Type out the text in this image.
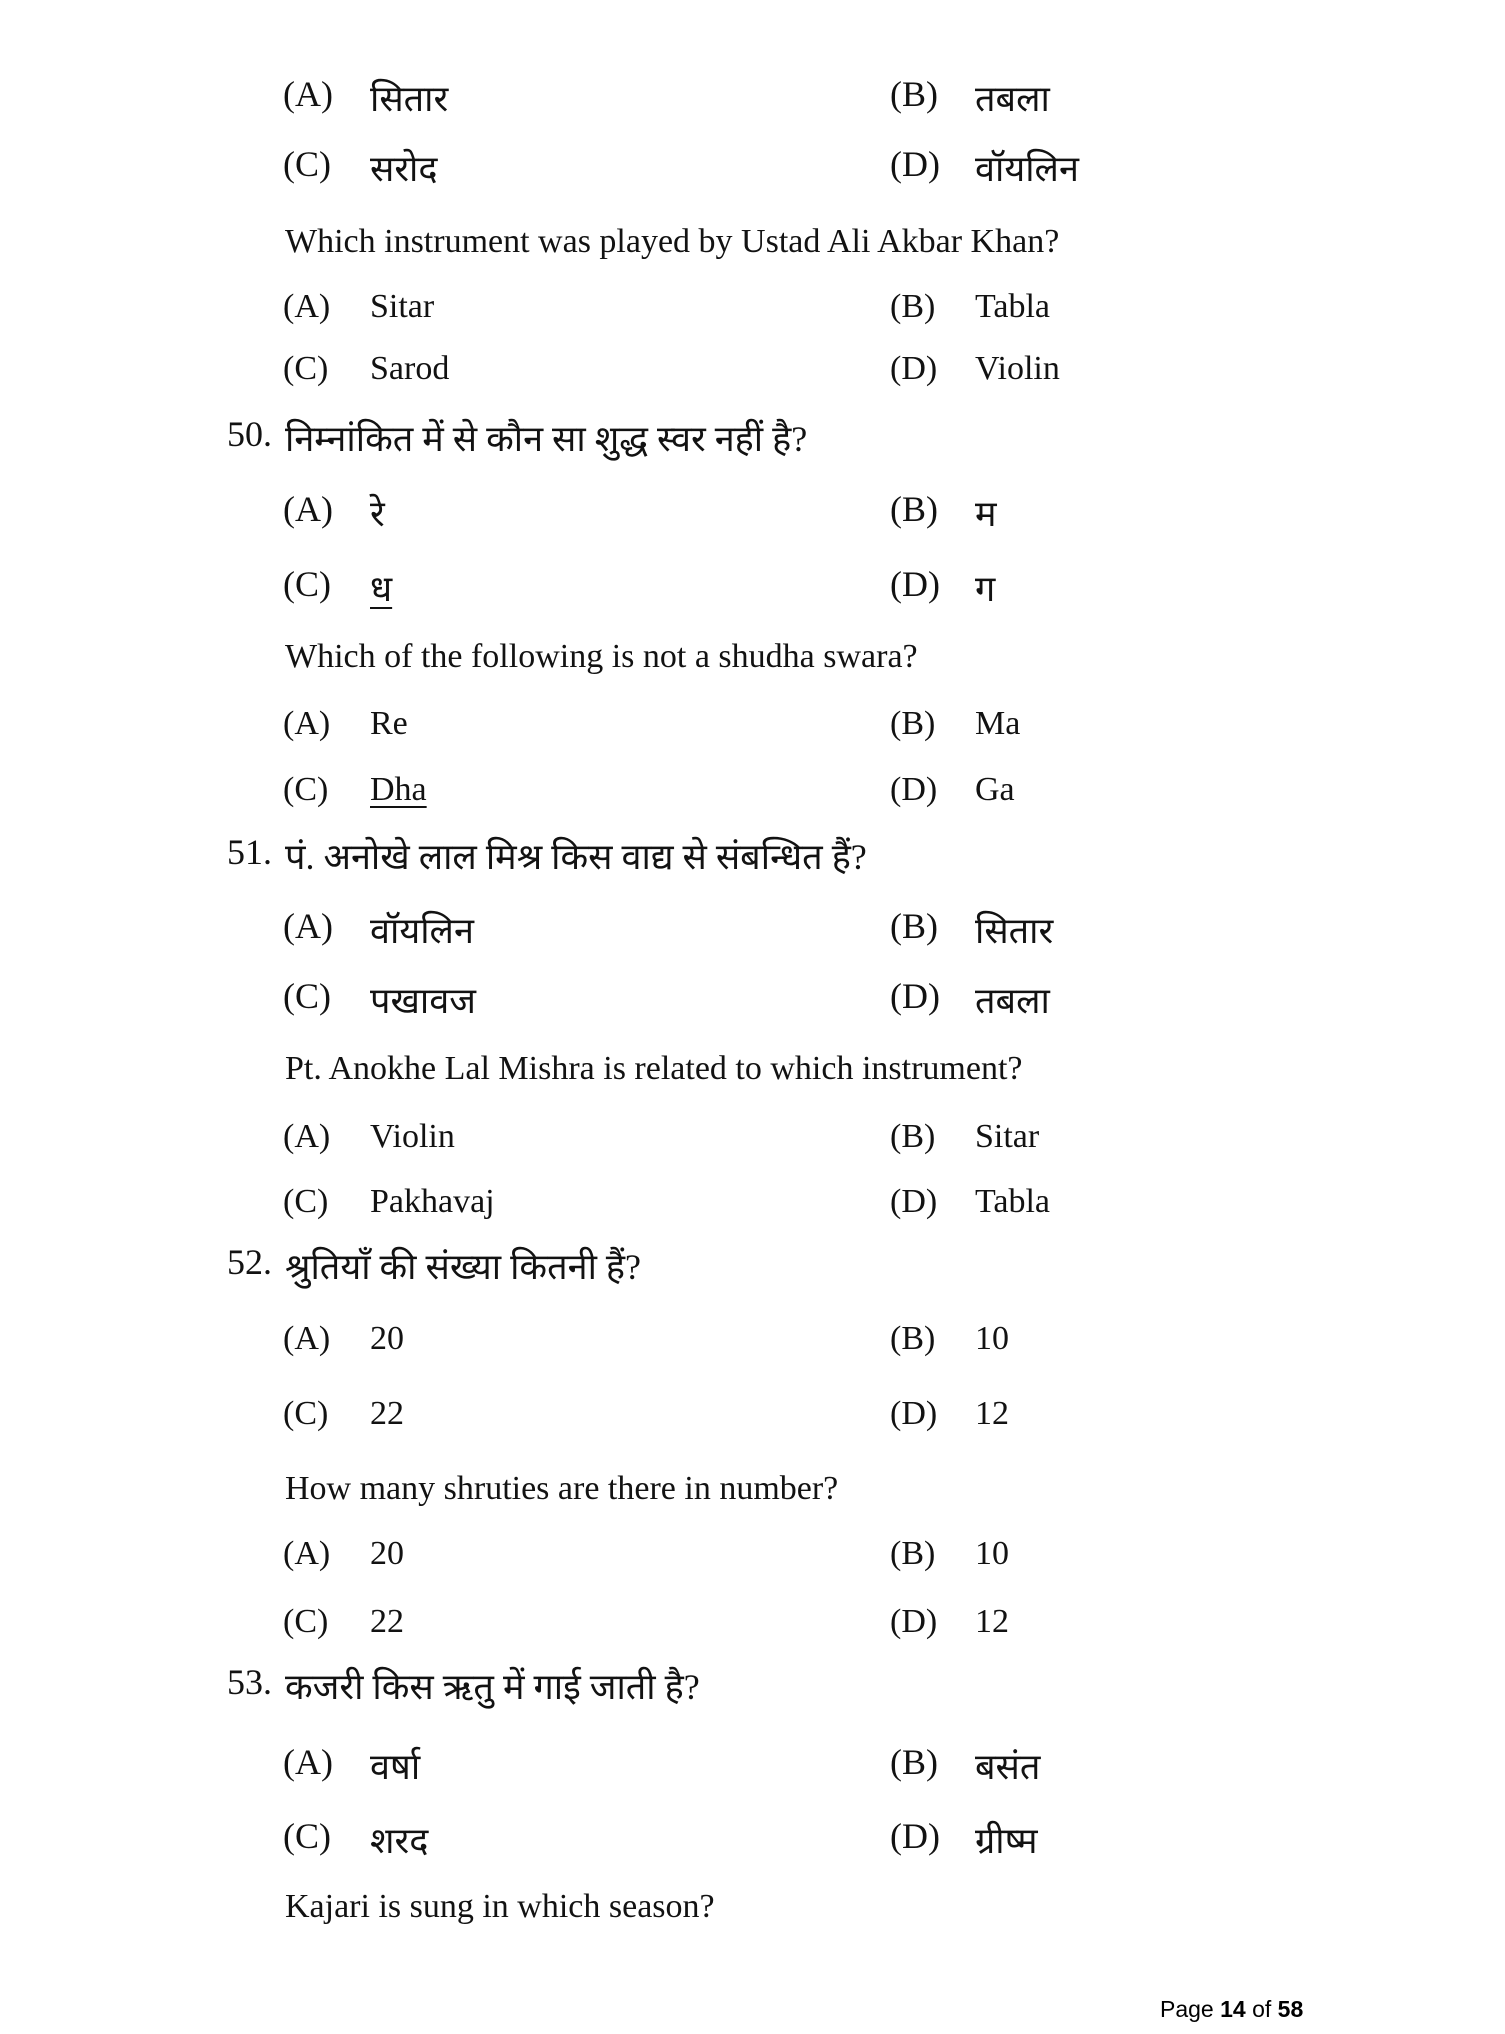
(A) सितार	(B) तबला
(C) सरोद	(D) वॉयलिन
Which instrument was played by Ustad Ali Akbar Khan?
(A) Sitar	(B) Tabla
(C) Sarod	(D) Violin
50. निम्नांकित में से कौन सा शुद्ध स्वर नहीं है?
(A) रे	(B) म
(C) ध	(D) ग
Which of the following is not a shudha swara?
(A) Re	(B) Ma
(C) Dha	(D) Ga
51. पं. अनोखे लाल मिश्र किस वाद्य से संबन्धित हैं?
(A) वॉयलिन	(B) सितार
(C) पखावज	(D) तबला
Pt. Anokhe Lal Mishra is related to which instrument?
(A) Violin	(B) Sitar
(C) Pakhavaj	(D) Tabla
52. श्रुतियाँ की संख्या कितनी हैं?
(A) 20	(B) 10
(C) 22	(D) 12
How many shruties are there in number?
(A) 20	(B) 10
(C) 22	(D) 12
53. कजरी किस ऋतु में गाई जाती है?
(A) वर्षा	(B) बसंत
(C) शरद	(D) ग्रीष्म
Kajari is sung in which season?
Page 14 of 58
